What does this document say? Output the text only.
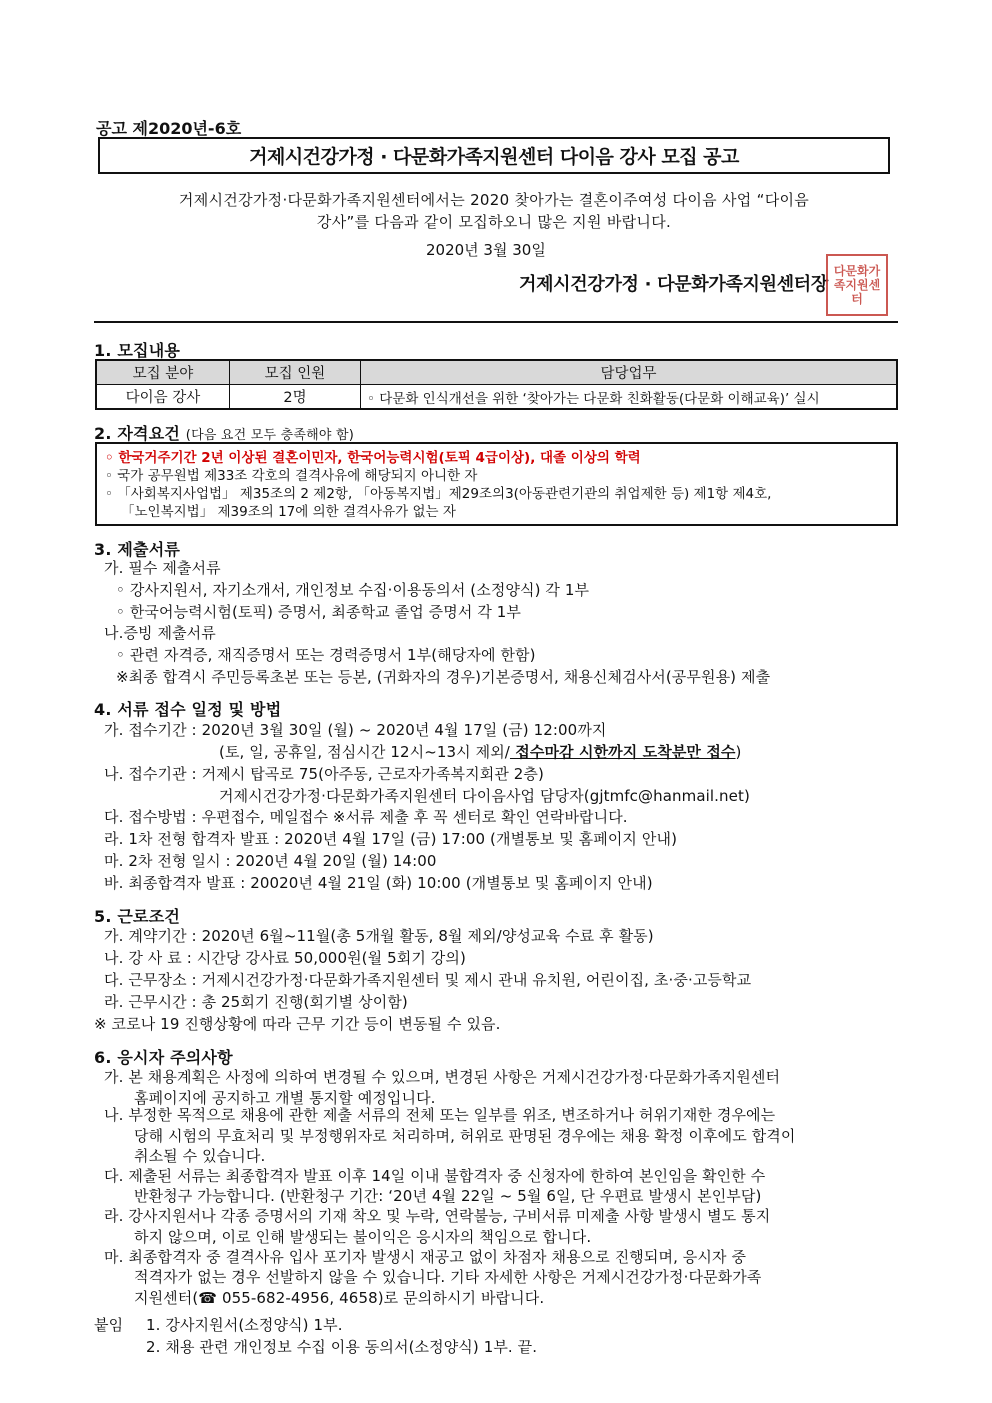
공고 제2020년-6호
거제시건강가정 · 다문화가족지원센터 다이음 강사 모집 공고
거제시건강가정·다문화가족지원센터에서는 2020 찾아가는 결혼이주여성 다이음 사업 “다이음
강사”를 다음과 같이 모집하오니 많은 지원 바랍니다.
2020년 3월 30일
거제시건강가정 · 다문화가족지원센터장
다문화가족지원센터
1. 모집내용
모집 분야	모집 인원	담당업무
다이음 강사	2명	◦ 다문화 인식개선을 위한 ‘찾아가는 다문화 친화활동(다문화 이해교육)’ 실시
2. 자격요건 (다음 요건 모두 충족해야 함)
◦ 한국거주기간 2년 이상된 결혼이민자, 한국어능력시험(토픽 4급이상), 대졸 이상의 학력
◦ 국가 공무원법 제33조 각호의 결격사유에 해당되지 아니한 자
◦ 「사회복지사업법」 제35조의 2 제2항, 「아동복지법」제29조의3(아동관련기관의 취업제한 등) 제1항 제4호,
「노인복지법」 제39조의 17에 의한 결격사유가 없는 자
3. 제출서류
가. 필수 제출서류
◦ 강사지원서, 자기소개서, 개인정보 수집·이용동의서 (소정양식) 각 1부
◦ 한국어능력시험(토픽) 증명서, 최종학교 졸업 증명서 각 1부
나.증빙 제출서류
◦ 관련 자격증, 재직증명서 또는 경력증명서 1부(해당자에 한함)
※최종 합격시 주민등록초본 또는 등본, (귀화자의 경우)기본증명서, 채용신체검사서(공무원용) 제출
4. 서류 접수 일정 및 방법
가. 접수기간 : 2020년 3월 30일 (월) ~ 2020년 4월 17일 (금) 12:00까지
(토, 일, 공휴일, 점심시간 12시~13시 제외/ 접수마감 시한까지 도착분만 접수)
나. 접수기관 : 거제시 탑곡로 75(아주동, 근로자가족복지회관 2층)
거제시건강가정·다문화가족지원센터 다이음사업 담당자(gjtmfc@hanmail.net)
다. 접수방법 : 우편접수, 메일접수 ※서류 제출 후 꼭 센터로 확인 연락바랍니다.
라. 1차 전형 합격자 발표 : 2020년 4월 17일 (금) 17:00 (개별통보 및 홈페이지 안내)
마. 2차 전형 일시 : 2020년 4월 20일 (월) 14:00
바. 최종합격자 발표 : 20020년 4월 21일 (화) 10:00 (개별통보 및 홈페이지 안내)
5. 근로조건
가. 계약기간 : 2020년 6월~11월(총 5개월 활동, 8월 제외/양성교육 수료 후 활동)
나. 강 사 료 : 시간당 강사료 50,000원(월 5회기 강의)
다. 근무장소 : 거제시건강가정·다문화가족지원센터 및 제시 관내 유치원, 어린이집, 초·중·고등학교
라. 근무시간 : 총 25회기 진행(회기별 상이함)
※ 코로나 19 진행상황에 따라 근무 기간 등이 변동될 수 있음.
6. 응시자 주의사항
가. 본 채용계획은 사정에 의하여 변경될 수 있으며, 변경된 사항은 거제시건강가정·다문화가족지원센터
홈페이지에 공지하고 개별 통지할 예정입니다.
나. 부정한 목적으로 채용에 관한 제출 서류의 전체 또는 일부를 위조, 변조하거나 허위기재한 경우에는
당해 시험의 무효처리 및 부정행위자로 처리하며, 허위로 판명된 경우에는 채용 확정 이후에도 합격이
취소될 수 있습니다.
다. 제출된 서류는 최종합격자 발표 이후 14일 이내 불합격자 중 신청자에 한하여 본인임을 확인한 수
반환청구 가능합니다. (반환청구 기간: ‘20년 4월 22일 ~ 5월 6일, 단 우편료 발생시 본인부담)
라. 강사지원서나 각종 증명서의 기재 착오 및 누락, 연락불능, 구비서류 미제출 사항 발생시 별도 통지
하지 않으며, 이로 인해 발생되는 불이익은 응시자의 책임으로 합니다.
마. 최종합격자 중 결격사유 입사 포기자 발생시 재공고 없이 차점자 채용으로 진행되며, 응시자 중
적격자가 없는 경우 선발하지 않을 수 있습니다. 기타 자세한 사항은 거제시건강가정·다문화가족
지원센터(☎ 055-682-4956, 4658)로 문의하시기 바랍니다.
붙임 1. 강사지원서(소정양식) 1부.
2. 채용 관련 개인정보 수집 이용 동의서(소정양식) 1부. 끝.
